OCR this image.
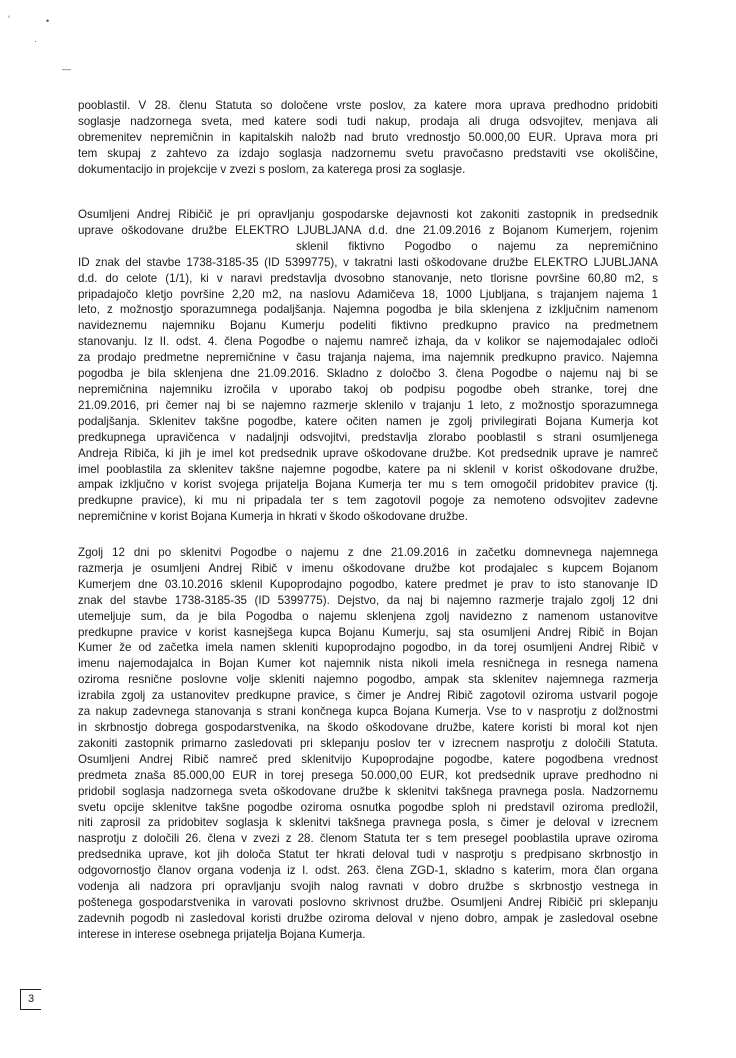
‘	•
·
—
pooblastil. V 28. členu Statuta so določene vrste poslov, za katere mora uprava predhodno pridobiti
soglasje nadzornega sveta, med katere sodi tudi nakup, prodaja ali druga odsvojitev, menjava ali
obremenitev nepremičnin in kapitalskih naložb nad bruto vrednostjo 50.000,00 EUR. Uprava mora pri
tem skupaj z zahtevo za izdajo soglasja nadzornemu svetu pravočasno predstaviti vse okoliščine,
dokumentacijo in projekcije v zvezi s poslom, za katerega prosi za soglasje.
Osumljeni Andrej Ribičič je pri opravljanju gospodarske dejavnosti kot zakoniti zastopnik in predsednik
uprave oškodovane družbe ELEKTRO LJUBLJANA d.d. dne 21.09.2016 z Bojanom Kumerjem, rojenim
sklenil fiktivno Pogodbo o najemu za nepremičnino
ID znak del stavbe 1738-3185-35 (ID 5399775), v takratni lasti oškodovane družbe ELEKTRO LJUBLJANA
d.d. do celote (1/1), ki v naravi predstavlja dvosobno stanovanje, neto tlorisne površine 60,80 m2, s
pripadajočo kletjo površine 2,20 m2, na naslovu Adamičeva 18, 1000 Ljubljana, s trajanjem najema 1
leto, z možnostjo sporazumnega podaljšanja. Najemna pogodba je bila sklenjena z izključnim namenom
navideznemu najemniku Bojanu Kumerju podeliti fiktivno predkupno pravico na predmetnem
stanovanju. Iz II. odst. 4. člena Pogodbe o najemu namreč izhaja, da v kolikor se najemodajalec odloči
za prodajo predmetne nepremičnine v času trajanja najema, ima najemnik predkupno pravico. Najemna
pogodba je bila sklenjena dne 21.09.2016. Skladno z določbo 3. člena Pogodbe o najemu naj bi se
nepremičnina najemniku izročila v uporabo takoj ob podpisu pogodbe obeh stranke, torej dne
21.09.2016, pri čemer naj bi se najemno razmerje sklenilo v trajanju 1 leto, z možnostjo sporazumnega
podaljšanja. Sklenitev takšne pogodbe, katere očiten namen je zgolj privilegirati Bojana Kumerja kot
predkupnega upravičenca v nadaljnji odsvojitvi, predstavlja zlorabo pooblastil s strani osumljenega
Andreja Ribiča, ki jih je imel kot predsednik uprave oškodovane družbe. Kot predsednik uprave je namreč
imel pooblastila za sklenitev takšne najemne pogodbe, katere pa ni sklenil v korist oškodovane družbe,
ampak izključno v korist svojega prijatelja Bojana Kumerja ter mu s tem omogočil pridobitev pravice (tj.
predkupne pravice), ki mu ni pripadala ter s tem zagotovil pogoje za nemoteno odsvojitev zadevne
nepremičnine v korist Bojana Kumerja in hkrati v škodo oškodovane družbe.
Zgolj 12 dni po sklenitvi Pogodbe o najemu z dne 21.09.2016 in začetku domnevnega najemnega
razmerja je osumljeni Andrej Ribič v imenu oškodovane družbe kot prodajalec s kupcem Bojanom
Kumerjem dne 03.10.2016 sklenil Kupoprodajno pogodbo, katere predmet je prav to isto stanovanje ID
znak del stavbe 1738-3185-35 (ID 5399775). Dejstvo, da naj bi najemno razmerje trajalo zgolj 12 dni
utemeljuje sum, da je bila Pogodba o najemu sklenjena zgolj navidezno z namenom ustanovitve
predkupne pravice v korist kasnejšega kupca Bojanu Kumerju, saj sta osumljeni Andrej Ribič in Bojan
Kumer že od začetka imela namen skleniti kupoprodajno pogodbo, in da torej osumljeni Andrej Ribič v
imenu najemodajalca in Bojan Kumer kot najemnik nista nikoli imela resničnega in resnega namena
oziroma resnične poslovne volje skleniti najemno pogodbo, ampak sta sklenitev najemnega razmerja
izrabila zgolj za ustanovitev predkupne pravice, s čimer je Andrej Ribič zagotovil oziroma ustvaril pogoje
za nakup zadevnega stanovanja s strani končnega kupca Bojana Kumerja. Vse to v nasprotju z dolžnostmi
in skrbnostjo dobrega gospodarstvenika, na škodo oškodovane družbe, katere koristi bi moral kot njen
zakoniti zastopnik primarno zasledovati pri sklepanju poslov ter v izrecnem nasprotju z določili Statuta.
Osumljeni Andrej Ribič namreč pred sklenitvijo Kupoprodajne pogodbe, katere pogodbena vrednost
predmeta znaša 85.000,00 EUR in torej presega 50.000,00 EUR, kot predsednik uprave predhodno ni
pridobil soglasja nadzornega sveta oškodovane družbe k sklenitvi takšnega pravnega posla. Nadzornemu
svetu opcije sklenitve takšne pogodbe oziroma osnutka pogodbe sploh ni predstavil oziroma predložil,
niti zaprosil za pridobitev soglasja k sklenitvi takšnega pravnega posla, s čimer je deloval v izrecnem
nasprotju z določili 26. člena v zvezi z 28. členom Statuta ter s tem presegel pooblastila uprave oziroma
predsednika uprave, kot jih določa Statut ter hkrati deloval tudi v nasprotju s predpisano skrbnostjo in
odgovornostjo članov organa vodenja iz I. odst. 263. člena ZGD-1, skladno s katerim, mora član organa
vodenja ali nadzora pri opravljanju svojih nalog ravnati v dobro družbe s skrbnostjo vestnega in
poštenega gospodarstvenika in varovati poslovno skrivnost družbe. Osumljeni Andrej Ribičič pri sklepanju
zadevnih pogodb ni zasledoval koristi družbe oziroma deloval v njeno dobro, ampak je zasledoval osebne
interese in interese osebnega prijatelja Bojana Kumerja.
3
